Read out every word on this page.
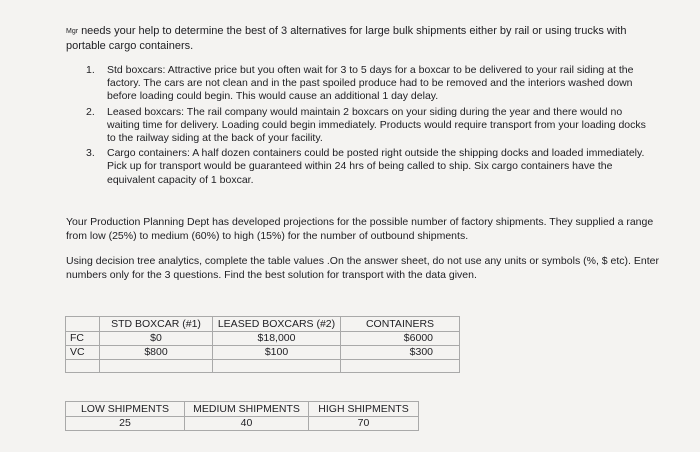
Mgr needs your help to determine the best of 3 alternatives for large bulk shipments either by rail or using trucks with portable cargo containers.
1. Std boxcars: Attractive price but you often wait for 3 to 5 days for a boxcar to be delivered to your rail siding at the factory. The cars are not clean and in the past spoiled produce had to be removed and the interiors washed down before loading could begin. This would cause an additional 1 day delay.
2. Leased boxcars: The rail company would maintain 2 boxcars on your siding during the year and there would no waiting time for delivery. Loading could begin immediately. Products would require transport from your loading docks to the railway siding at the back of your facility.
3. Cargo containers: A half dozen containers could be posted right outside the shipping docks and loaded immediately. Pick up for transport would be guaranteed within 24 hrs of being called to ship. Six cargo containers have the equivalent capacity of 1 boxcar.
Your Production Planning Dept has developed projections for the possible number of factory shipments. They supplied a range from low (25%) to medium (60%) to high (15%) for the number of outbound shipments.
Using decision tree analytics, complete the table values .On the answer sheet, do not use any units or symbols (%, $ etc). Enter numbers only for the 3 questions. Find the best solution for transport with the data given.
	STD BOXCAR (#1)	LEASED BOXCARS (#2)	CONTAINERS
FC	$0	$18,000	$6000
VC	$800	$100	$300

LOW SHIPMENTS	MEDIUM SHIPMENTS	HIGH SHIPMENTS
25	40	70
